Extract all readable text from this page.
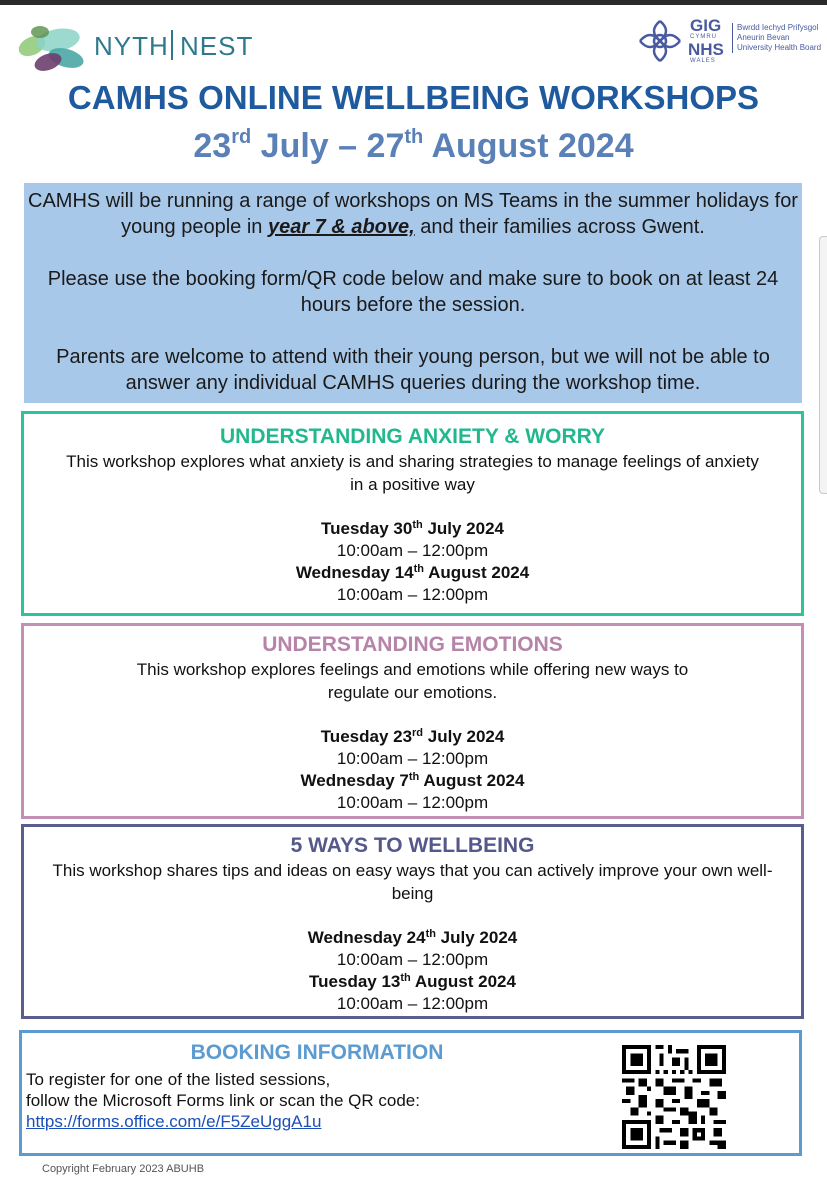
NYTH NEST
GIG
CYMRU
NHS
WALES
Bwrdd Iechyd Prifysgol Aneurin Bevan University Health Board
CAMHS ONLINE WELLBEING WORKSHOPS
23rd July – 27th August 2024

CAMHS will be running a range of workshops on MS Teams in the summer holidays for young people in year 7 & above, and their families across Gwent.

Please use the booking form/QR code below and make sure to book on at least 24 hours before the session.

Parents are welcome to attend with their young person, but we will not be able to answer any individual CAMHS queries during the workshop time.

UNDERSTANDING ANXIETY & WORRY
This workshop explores what anxiety is and sharing strategies to manage feelings of anxiety in a positive way
Tuesday 30th July 2024
10:00am – 12:00pm
Wednesday 14th August 2024
10:00am – 12:00pm
UNDERSTANDING EMOTIONS
This workshop explores feelings and emotions while offering new ways to regulate our emotions.
Tuesday 23rd July 2024
10:00am – 12:00pm
Wednesday 7th August 2024
10:00am – 12:00pm
5 WAYS TO WELLBEING
This workshop shares tips and ideas on easy ways that you can actively improve your own well-being
Wednesday 24th July 2024
10:00am – 12:00pm
Tuesday 13th August 2024
10:00am – 12:00pm
BOOKING INFORMATION
To register for one of the listed sessions,
follow the Microsoft Forms link or scan the QR code:
https://forms.office.com/e/F5ZeUggA1u
Copyright February 2023 ABUHB
